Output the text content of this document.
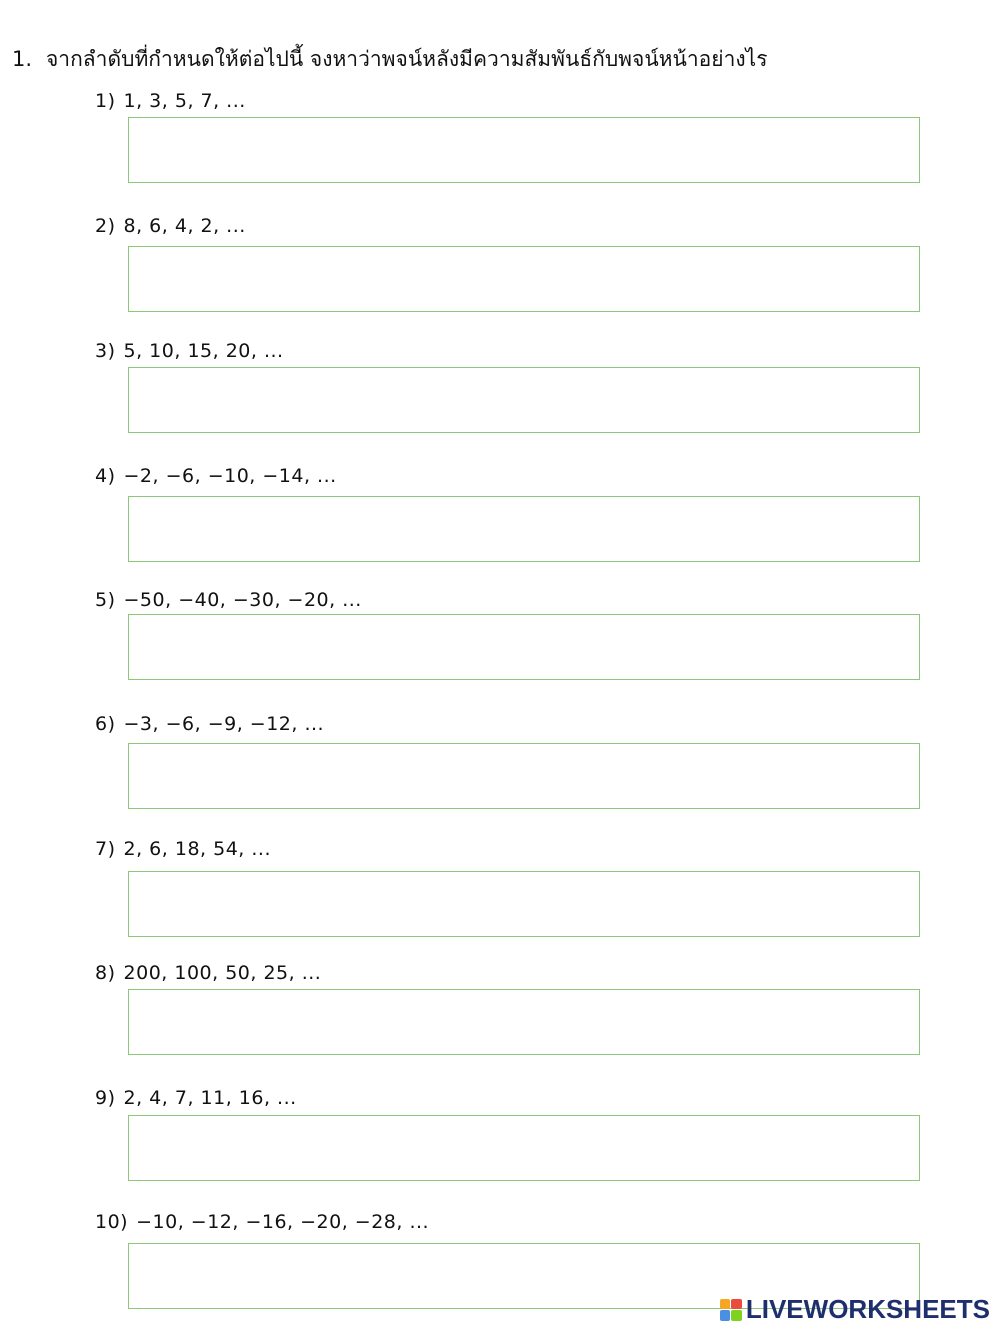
1. จากลำดับที่กำหนดให้ต่อไปนี้ จงหาว่าพจน์หลังมีความสัมพันธ์กับพจน์หน้าอย่างไร
1) 1, 3, 5, 7, ...
2) 8, 6, 4, 2, ...
3) 5, 10, 15, 20, ...
4) −2, −6, −10, −14, ...
5) −50, −40, −30, −20, ...
6) −3, −6, −9, −12, ...
7) 2, 6, 18, 54, ...
8) 200, 100, 50, 25, ...
9) 2, 4, 7, 11, 16, ...
10) −10, −12, −16, −20, −28, ...
LIVEWORKSHEETS
